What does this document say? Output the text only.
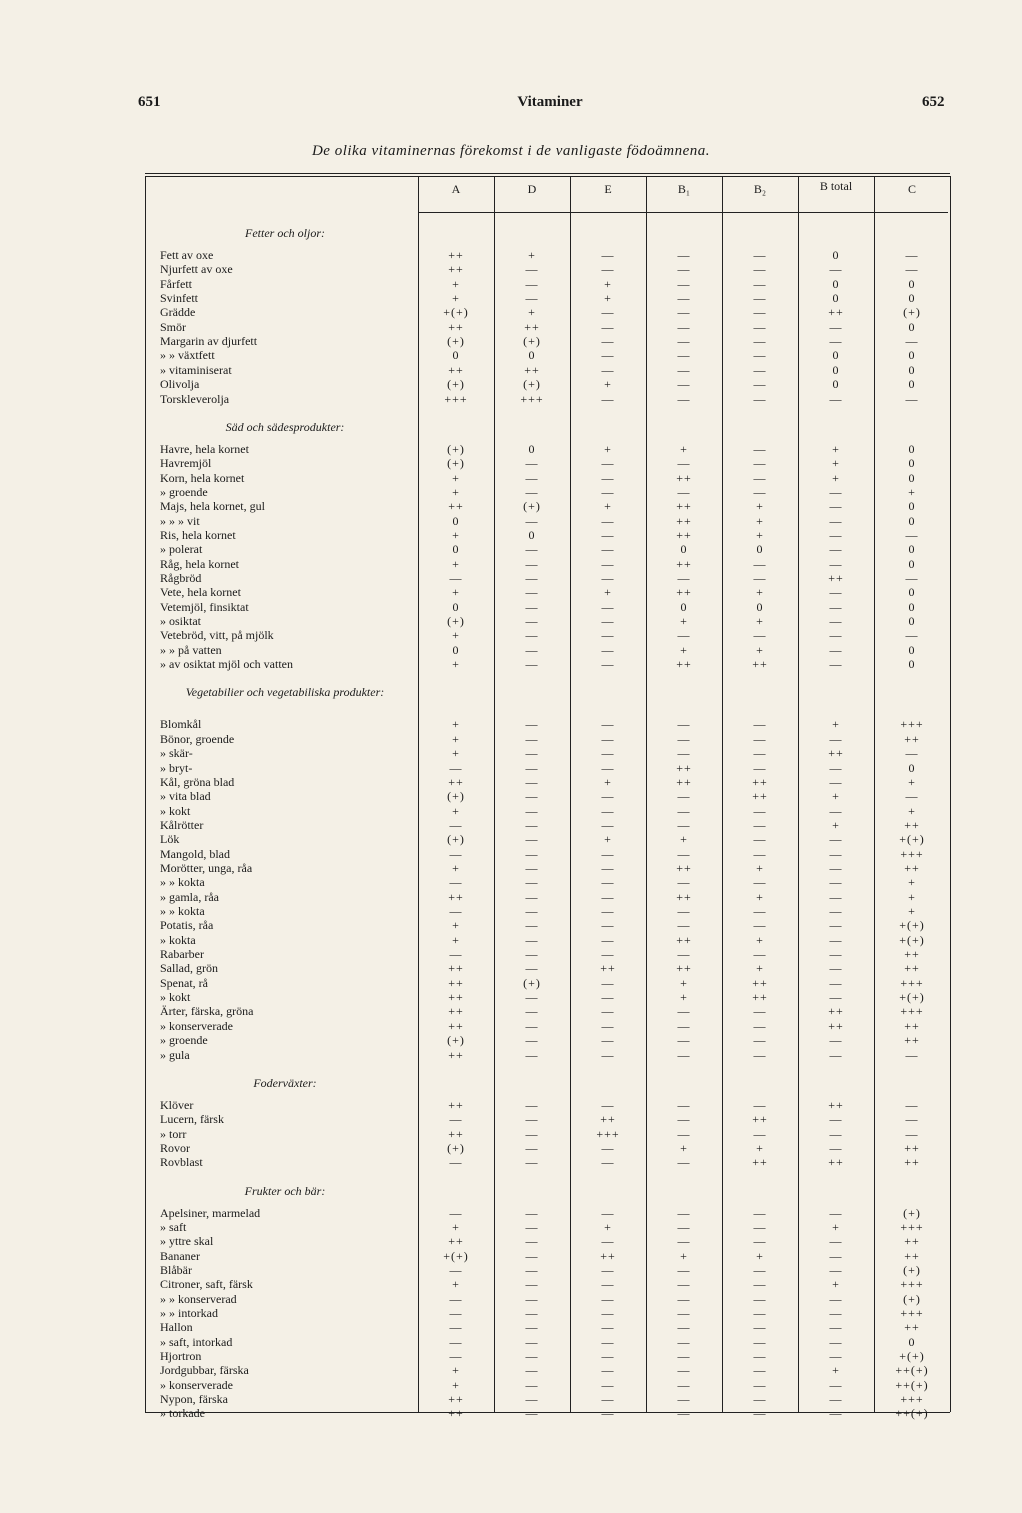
651	Vitaminer	652
De olika vitaminernas förekomst i de vanligaste födoämnena.
A	D	E	B₁	B₂	B total	C
Fetter och oljor:
Fett av oxe	++	+	—	—	—	0	—
Njurfett av oxe	++	—	—	—	—	—	—
Fårfett	+	—	+	—	—	0	0
Svinfett	+	—	+	—	—	0	0
Grädde	+(+)	+	—	—	—	++	(+)
Smör	++	++	—	—	—	—	0
Margarin av djurfett	(+)	(+)	—	—	—	—	—
» » växtfett	0	0	—	—	—	0	0
» vitaminiserat	++	++	—	—	—	0	0
Olivolja	(+)	(+)	+	—	—	0	0
Torskleverolja	+++	+++	—	—	—	—	—
Säd och sädesprodukter:
Havre, hela kornet	(+)	0	+	+	—	+	0
Havremjöl	(+)	—	—	—	—	+	0
Korn, hela kornet	+	—	—	++	—	+	0
» groende	+	—	—	—	—	—	+
Majs, hela kornet, gul	++	(+)	+	++	+	—	0
» » » vit	0	—	—	++	+	—	0
Ris, hela kornet	+	0	—	++	+	—	—
» polerat	0	—	—	0	0	—	0
Råg, hela kornet	+	—	—	++	—	—	0
Rågbröd	—	—	—	—	—	++	—
Vete, hela kornet	+	—	+	++	+	—	0
Vetemjöl, finsiktat	0	—	—	0	0	—	0
» osiktat	(+)	—	—	+	+	—	0
Vetebröd, vitt, på mjölk	+	—	—	—	—	—	—
» » på vatten	0	—	—	+	+	—	0
» av osiktat mjöl och vatten	+	—	—	++	++	—	0
Vegetabilier och vegetabiliska produkter:
Blomkål	+	—	—	—	—	+	+++
Bönor, groende	+	—	—	—	—	—	++
» skär-	+	—	—	—	—	++	—
» bryt-	—	—	—	++	—	—	0
Kål, gröna blad	++	—	+	++	++	—	+
» vita blad	(+)	—	—	—	++	+	—
» kokt	+	—	—	—	—	—	+
Kålrötter	—	—	—	—	—	+	++
Lök	(+)	—	+	+	—	—	+(+)
Mangold, blad	—	—	—	—	—	—	+++
Morötter, unga, råa	+	—	—	++	+	—	++
» » kokta	—	—	—	—	—	—	+
» gamla, råa	++	—	—	++	+	—	+
» » kokta	—	—	—	—	—	—	+
Potatis, råa	+	—	—	—	—	—	+(+)
» kokta	+	—	—	++	+	—	+(+)
Rabarber	—	—	—	—	—	—	++
Sallad, grön	++	—	++	++	+	—	++
Spenat, rå	++	(+)	—	+	++	—	+++
» kokt	++	—	—	+	++	—	+(+)
Ärter, färska, gröna	++	—	—	—	—	++	+++
» konserverade	++	—	—	—	—	++	++
» groende	(+)	—	—	—	—	—	++
» gula	++	—	—	—	—	—	—
Foderväxter:
Klöver	++	—	—	—	—	++	—
Lucern, färsk	—	—	++	—	++	—	—
» torr	++	—	+++	—	—	—	—
Rovor	(+)	—	—	+	+	—	++
Rovblast	—	—	—	—	++	++	++
Frukter och bär:
Apelsiner, marmelad	—	—	—	—	—	—	(+)
» saft	+	—	+	—	—	+	+++
» yttre skal	++	—	—	—	—	—	++
Bananer	+(+)	—	++	+	+	—	++
Blåbär	—	—	—	—	—	—	(+)
Citroner, saft, färsk	+	—	—	—	—	+	+++
» » konserverad	—	—	—	—	—	—	(+)
» » intorkad	—	—	—	—	—	—	+++
Hallon	—	—	—	—	—	—	++
» saft, intorkad	—	—	—	—	—	—	0
Hjortron	—	—	—	—	—	—	+(+)
Jordgubbar, färska	+	—	—	—	—	+	++(+)
» konserverade	+	—	—	—	—	—	++(+)
Nypon, färska	++	—	—	—	—	—	+++
» torkade	++	—	—	—	—	—	++(+)
